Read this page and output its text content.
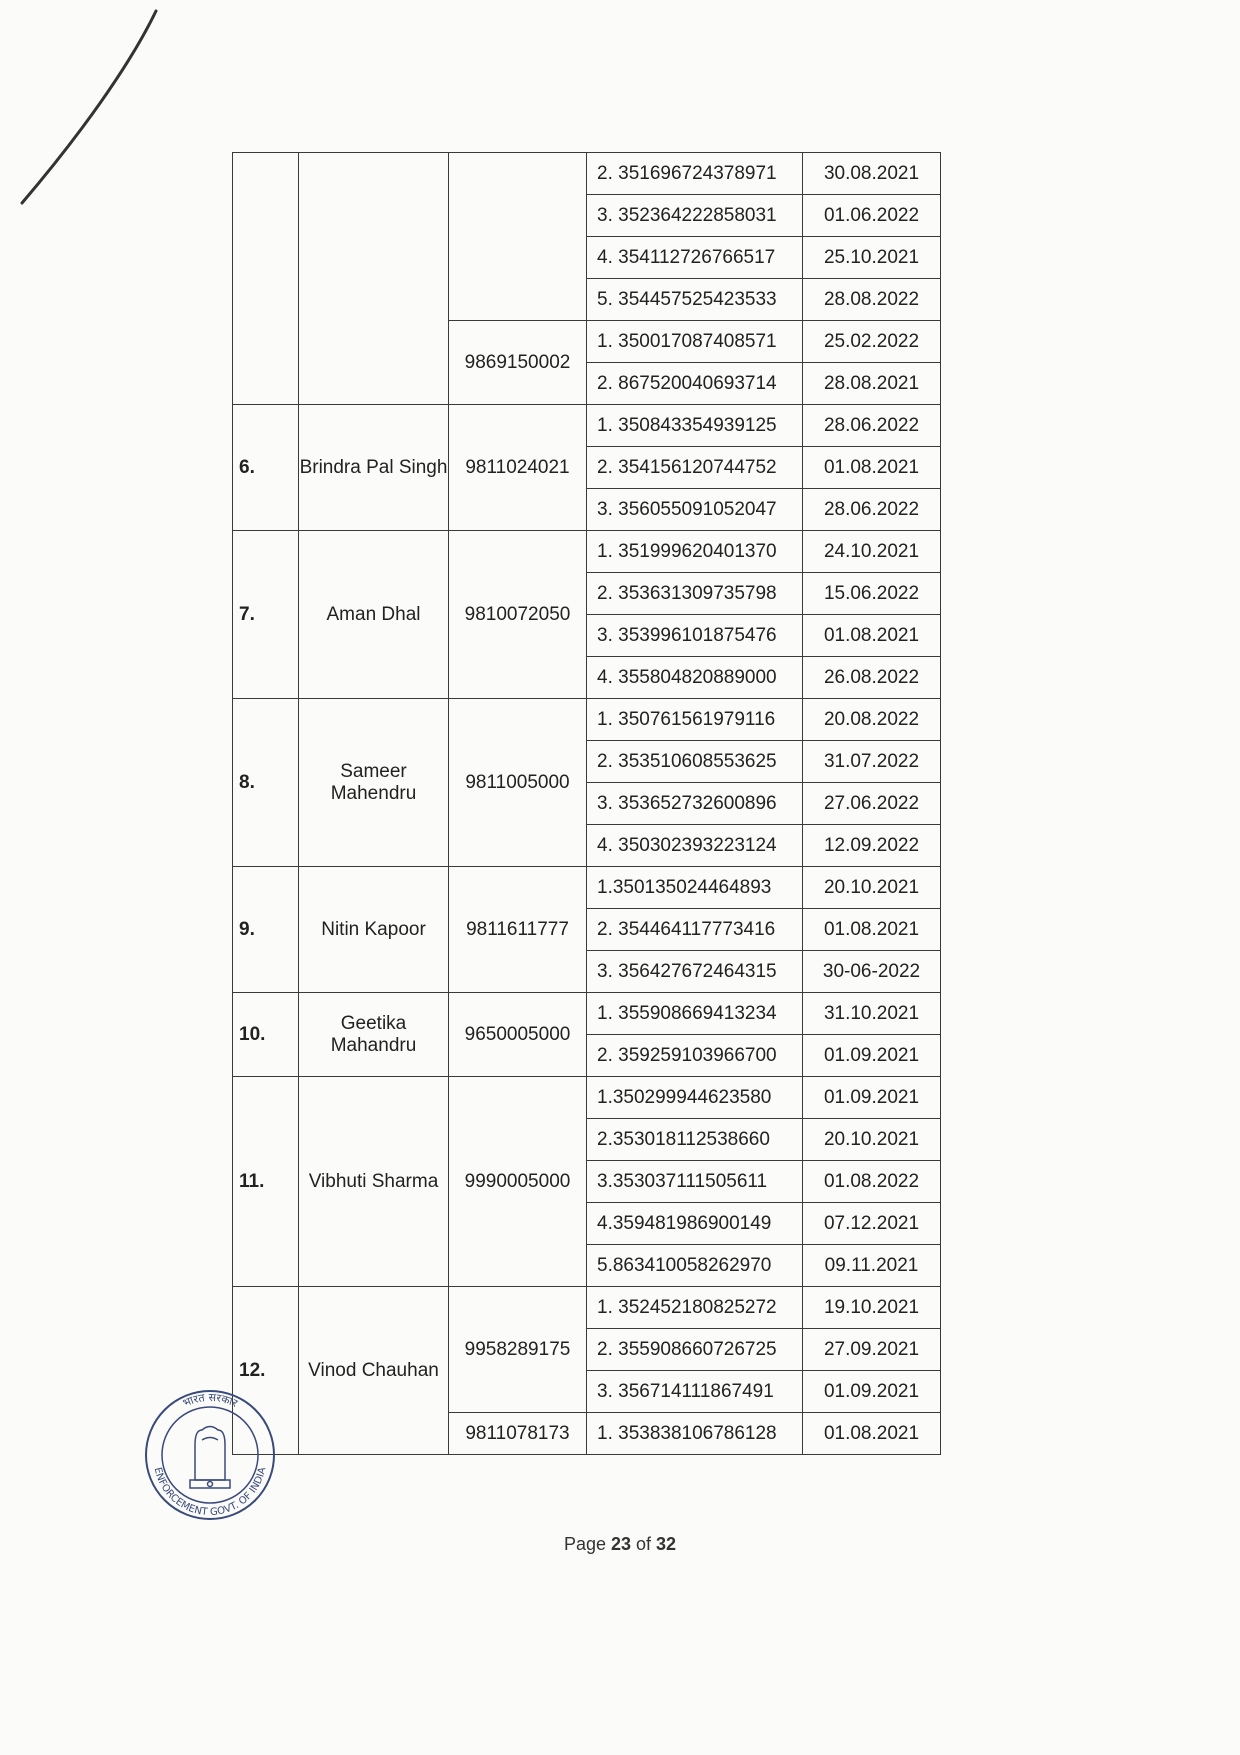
			2. 351696724378971	30.08.2021
			3. 352364222858031	01.06.2022
			4. 354112726766517	25.10.2021
			5. 354457525423533	28.08.2022
		9869150002	1. 350017087408571	25.02.2022
			2. 867520040693714	28.08.2021
6.	Brindra Pal Singh	9811024021	1. 350843354939125	28.06.2022
			2. 354156120744752	01.08.2021
			3. 356055091052047	28.06.2022
7.	Aman Dhal	9810072050	1. 351999620401370	24.10.2021
			2. 353631309735798	15.06.2022
			3. 353996101875476	01.08.2021
			4. 355804820889000	26.08.2022
8.	Sameer Mahendru	9811005000	1. 350761561979116	20.08.2022
			2. 353510608553625	31.07.2022
			3. 353652732600896	27.06.2022
			4. 350302393223124	12.09.2022
9.	Nitin Kapoor	9811611777	1.350135024464893	20.10.2021
			2. 354464117773416	01.08.2021
			3. 356427672464315	30-06-2022
10.	Geetika Mahandru	9650005000	1. 355908669413234	31.10.2021
			2. 359259103966700	01.09.2021
11.	Vibhuti Sharma	9990005000	1.350299944623580	01.09.2021
			2.353018112538660	20.10.2021
			3.353037111505611	01.08.2022
			4.359481986900149	07.12.2021
			5.863410058262970	09.11.2021
12.	Vinod Chauhan	9958289175	1. 352452180825272	19.10.2021
			2. 355908660726725	27.09.2021
			3. 356714111867491	01.09.2021
		9811078173	1. 353838106786128	01.08.2021
Page 23 of 32
भारत सरकार
ENFORCEMENT GOVT. OF INDIA
